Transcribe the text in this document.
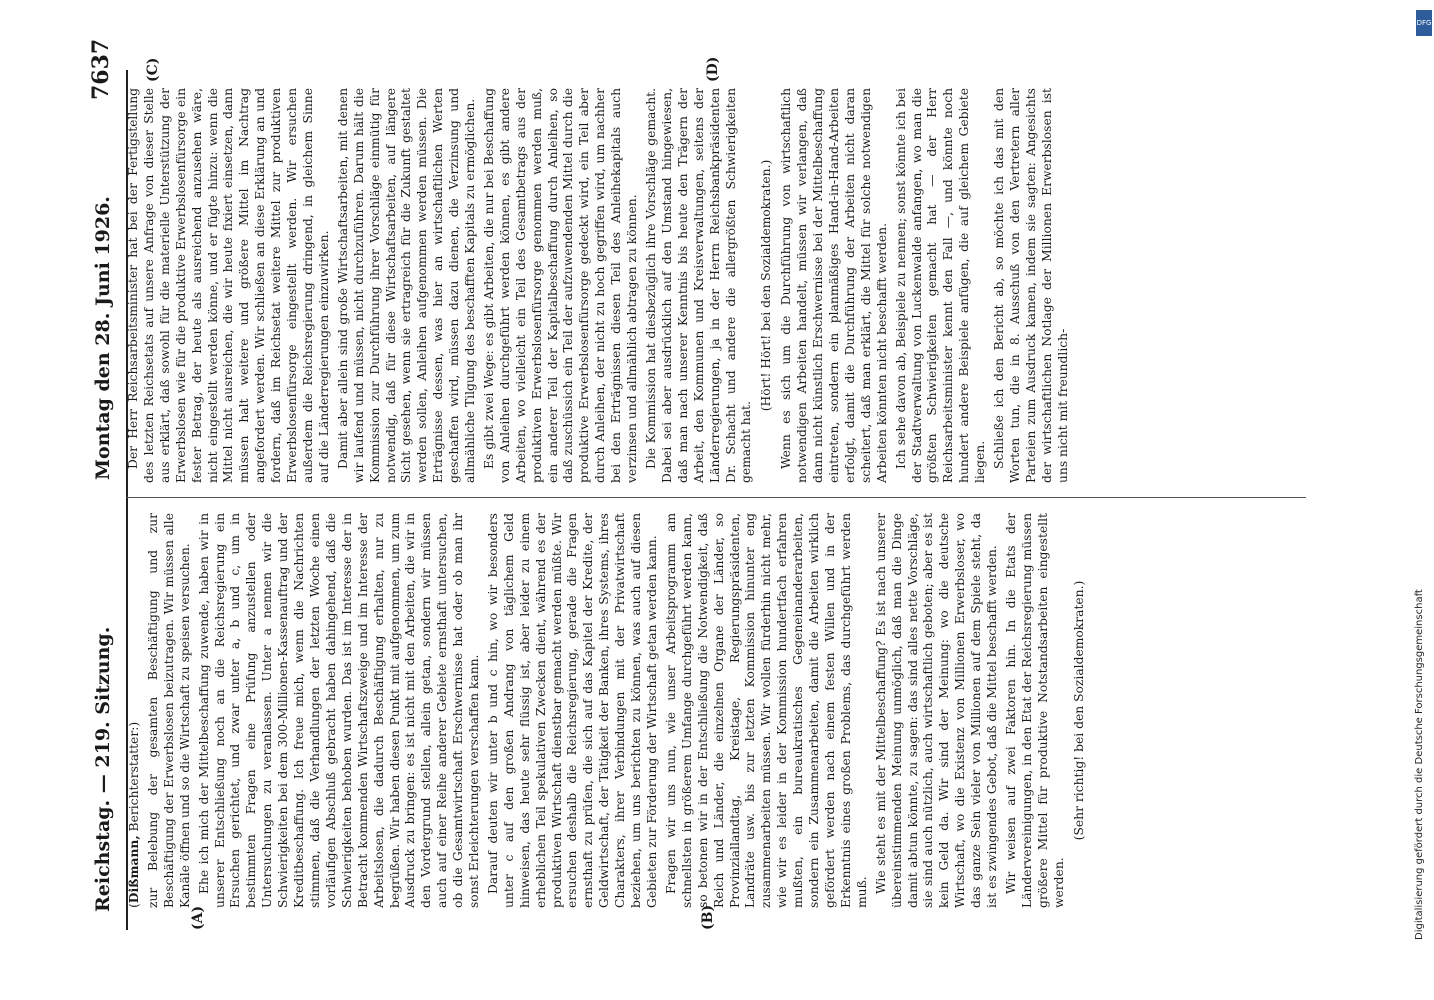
Reichstag. — 219. Sitzung.
Montag den 28. Juni 1926.
7637
(A)	(B)
(C)	(D)

(Dißmann, Berichterstatter:) zur Belebung der gesamten Beschäftigung und zur Beschäftigung der Erwerbslosen beizutragen. Wir müssen alle Kanäle öffnen und so die Wirtschaft zu speisen versuchen. Ehe ich mich der Mittelbeschaffung zuwende, haben wir in unserer Entschließung noch an die Reichsregierung ein Ersuchen gerichtet, und zwar unter a, b und c, um in bestimmten Fragen eine Prüfung anzustellen oder Untersuchungen zu veranlassen. Unter a nennen wir die Schwierigkeiten bei dem 300-Millionen-Kassenauftrag und der Kreditbeschaffung. Ich freue mich, wenn die Nachrichten stimmen, daß die Verhandlungen der letzten Woche einen vorläufigen Abschluß gebracht haben dahingehend, daß die Schwierigkeiten behoben wurden. Das ist im Interesse der in Betracht kommenden Wirtschaftszweige und im Interesse der Arbeitslosen, die dadurch Beschäftigung erhalten, nur zu begrüßen. Wir haben diesen Punkt mit aufgenommen, um zum Ausdruck zu bringen: es ist nicht mit den Arbeiten, die wir in den Vordergrund stellen, allein getan, sondern wir müssen auch auf einer Reihe anderer Gebiete ernsthaft untersuchen, ob die Gesamtwirtschaft Erschwernisse hat oder ob man ihr sonst Erleichterungen verschaffen kann. Darauf deuten wir unter b und c hin, wo wir besonders unter c auf den großen Andrang von täglichem Geld hinweisen, das heute sehr flüssig ist, aber leider zu einem erheblichen Teil spekulativen Zwecken dient, während es der produktiven Wirtschaft dienstbar gemacht werden müßte. Wir ersuchen deshalb die Reichsregierung, gerade die Fragen ernsthaft zu prüfen, die sich auf das Kapitel der Kredite, der Geldwirtschaft, der Tätigkeit der Banken, ihres Systems, ihres Charakters, ihrer Verbindungen mit der Privatwirtschaft beziehen, um uns berichten zu können, was auch auf diesen Gebieten zur Förderung der Wirtschaft getan werden kann. Fragen wir uns nun, wie unser Arbeitsprogramm am schnellsten in größerem Umfange durchgeführt werden kann, so betonen wir in der Entschließung die Notwendigkeit, daß Reich und Länder, die einzelnen Organe der Länder, so Provinziallandtag, Kreistage, Regierungspräsidenten, Landräte usw. bis zur letzten Kommission hinunter eng zusammenarbeiten müssen. Wir wollen fürderhin nicht mehr, wie wir es leider in der Kommission hundertfach erfahren mußten, ein bureaukratisches Gegeneinanderarbeiten, sondern ein Zusammenarbeiten, damit die Arbeiten wirklich gefördert werden nach einem festen Willen und in der Erkenntnis eines großen Problems, das durchgeführt werden muß. Wie steht es mit der Mittelbeschaffung? Es ist nach unserer übereinstimmenden Meinung unmöglich, daß man die Dinge damit abtun könnte, zu sagen: das sind alles nette Vorschläge, sie sind auch nützlich, auch wirtschaftlich geboten; aber es ist kein Geld da. Wir sind der Meinung: wo die deutsche Wirtschaft, wo die Existenz von Millionen Erwerbsloser, wo das ganze Sein vieler von Millionen auf dem Spiele steht, da ist es zwingendes Gebot, daß die Mittel beschafft werden. Wir weisen auf zwei Faktoren hin. In die Etats der Ländervereinigungen, in den Etat der Reichsregierung müssen größere Mittel für produktive Notstandsarbeiten eingestellt werden.

(Sehr richtig! bei den Sozialdemokraten.)

Der Herr Reichsarbeitsminister hat bei der Fertigstellung des letzten Reichsetats auf unsere Anfrage von dieser Stelle aus erklärt, daß sowohl für die materielle Unterstützung der Erwerbslosen wie für die produktive Erwerbslosenfürsorge ein fester Betrag, der heute als ausreichend anzusehen wäre, nicht eingestellt werden könne, und er fügte hinzu: wenn die Mittel nicht ausreichen, die wir heute fixiert einsetzen, dann müssen halt weitere und größere Mittel im Nachtrag angefordert werden. Wir schließen an diese Erklärung an und fordern, daß im Reichsetat weitere Mittel zur produktiven Erwerbslosenfürsorge eingestellt werden. Wir ersuchen außerdem die Reichsregierung dringend, in gleichem Sinne auf die Länderregierungen einzuwirken. Damit aber allein sind große Wirtschaftsarbeiten, mit denen wir laufend und müssen, nicht durchzuführen. Darum hält die Kommission zur Durchführung ihrer Vorschläge einmütig für notwendig, daß für diese Wirtschaftsarbeiten, auf längere Sicht gesehen, wenn sie ertragreich für die Zukunft gestaltet werden sollen, Anleihen aufgenommen werden müssen. Die Erträgnisse dessen, was hier an wirtschaftlichen Werten geschaffen wird, müssen dazu dienen, die Verzinsung und allmähliche Tilgung des beschafften Kapitals zu ermöglichen. Es gibt zwei Wege: es gibt Arbeiten, die nur bei Beschaffung von Anleihen durchgeführt werden können, es gibt andere Arbeiten, wo vielleicht ein Teil des Gesamtbetrags aus der produktiven Erwerbslosenfürsorge genommen werden muß, ein anderer Teil der Kapitalbeschaffung durch Anleihen, so daß zuschüssich ein Teil der aufzuwendenden Mittel durch die produktive Erwerbslosenfürsorge gedeckt wird, ein Teil aber durch Anleihen, der nicht zu hoch gegriffen wird, um nachher bei den Erträgnissen diesen Teil des Anleihekapitals auch verzinsen und allmählich abtragen zu können. Die Kommission hat diesbezüglich ihre Vorschläge gemacht. Dabei sei aber ausdrücklich auf den Umstand hingewiesen, daß man nach unserer Kenntnis bis heute den Trägern der Arbeit, den Kommunen und Kreisverwaltungen, seitens der Länderregierungen, ja in der Herrn Reichsbankpräsidenten Dr. Schacht und andere die allergrößten Schwierigkeiten gemacht hat.

(Hört! Hört! bei den Sozialdemokraten.) Wenn es sich um die Durchführung von wirtschaftlich notwendigen Arbeiten handelt, müssen wir verlangen, daß dann nicht künstlich Erschwernisse bei der Mittelbeschaffung eintreten, sondern ein planmäßiges Hand-in-Hand-Arbeiten erfolgt, damit die Durchführung der Arbeiten nicht daran scheitert, daß man erklärt, die Mittel für solche notwendigen Arbeiten könnten nicht beschafft werden. Ich sehe davon ab, Beispiele zu nennen; sonst könnte ich bei der Stadtverwaltung von Luckenwalde anfangen, wo man die größten Schwierigkeiten gemacht hat — der Herr Reichsarbeitsminister kennt den Fall —, und könnte noch hundert andere Beispiele anfügen, die auf gleichem Gebiete liegen. Schließe ich den Bericht ab, so möchte ich das mit den Worten tun, die in 8. Ausschuß von den Vertretern aller Parteien zum Ausdruck kamen, indem sie sagten: Angesichts der wirtschaftlichen Notlage der Millionen Erwerbslosen ist uns nicht mit freundlich-

DFG
Digitalisierung gefördert durch die Deutsche Forschungsgemeinschaft
